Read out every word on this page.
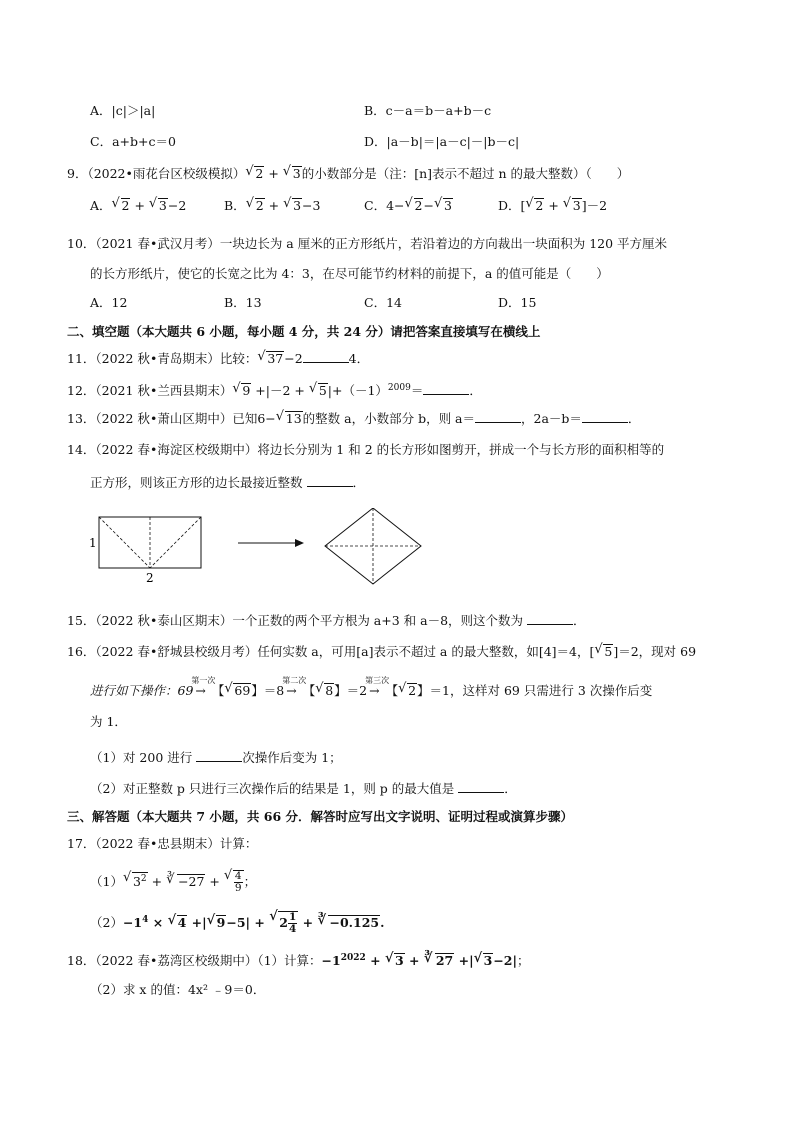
A．|c|＞|a|	B．c－a＝b－a+b－c
C．a+b+c＝0	D．|a－b|＝|a－c|－|b－c|
9．（2022•雨花台区校级模拟） √ 2 + √ 3的小数部分是（注：[n]表示不超过 n 的最大整数）（　　）
A． √ 2 + √ 3−2	B． √ 2 + √ 3−3	C．4− √ 2− √ 3	D．[ √ 2 + √ 3]－2
10．（2021 春•武汉月考）一块边长为 a 厘米的正方形纸片，若沿着边的方向裁出一块面积为 120 平方厘米
的长方形纸片，使它的长宽之比为 4：3，在尽可能节约材料的前提下，a 的值可能是（　　）
A．12	B．13	C．14	D．15
二、填空题（本大题共 6 小题，每小题 4 分，共 24 分）请把答案直接填写在横线上
11．（2022 秋•青岛期末）比较： √ 37−2	4．
12．（2021 秋•兰西县期末） √ 9 +|－2 + √ $5|+(-1)^{2009}=$	．
13．（2022 秋•萧山区期中）已知6− √ 13的整数 a，小数部分 b，则 a＝	，2a－b＝	．
14．（2022 春•海淀区校级期中）将边长分别为 1 和 2 的长方形如图剪开，拼成一个与长方形的面积相等的
正方形，则该正方形的边长最接近整数	．
1
2
15．（2022 秋•泰山区期末）一个正数的两个平方根为 a+3 和 a－8，则这个数为	．
16．（2022 春•舒城县校级月考）任何实数 a，可用[a]表示不超过 a 的最大整数，如[4]＝4，[ √ 5]＝2，现对 69
进行如下操作：69
第一次
→ 【 √ 69】＝8
第二次
→ 【 √ 8】＝2
第三次
→ 【 √ 2】＝1，这样对 69 只需进行 3 次操作后变
为 1．
（1）对 200 进行	次操作后变为 1；
（2）对正整数 p 只进行三次操作后的结果是 1，则 p 的最大值是	．
三、解答题（本大题共 7 小题，共 66 分．解答时应写出文字说明、证明过程或演算步骤）
17．（2022 春•忠县期末）计算：
（1） √ $3^2$ + ∛ −27 + √ $\frac{4}{9}$ ；
$(2)-1^4$ × √ 4 +| √ 9−5| + √ $2 \frac{1}{4}$ + ∛ −0.125.
18．（2022 春•荔湾区校级期中）（1）计算：$-1^{2022}$ + √ 3 + ∛ 27 +| √ 3−2|；
（2）求 x 的值：4x² ﹣9＝0．
